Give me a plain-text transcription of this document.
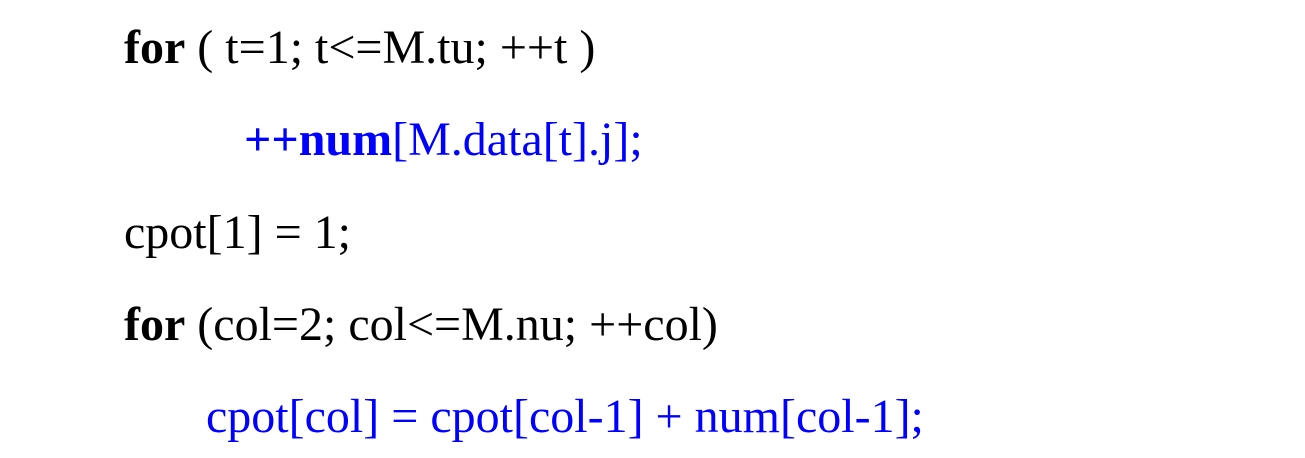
for ( t=1; t<=M.tu; ++t )
++num[M.data[t].j];
cpot[1] = 1;
for (col=2; col<=M.nu; ++col)
cpot[col] = cpot[col-1] + num[col-1];
